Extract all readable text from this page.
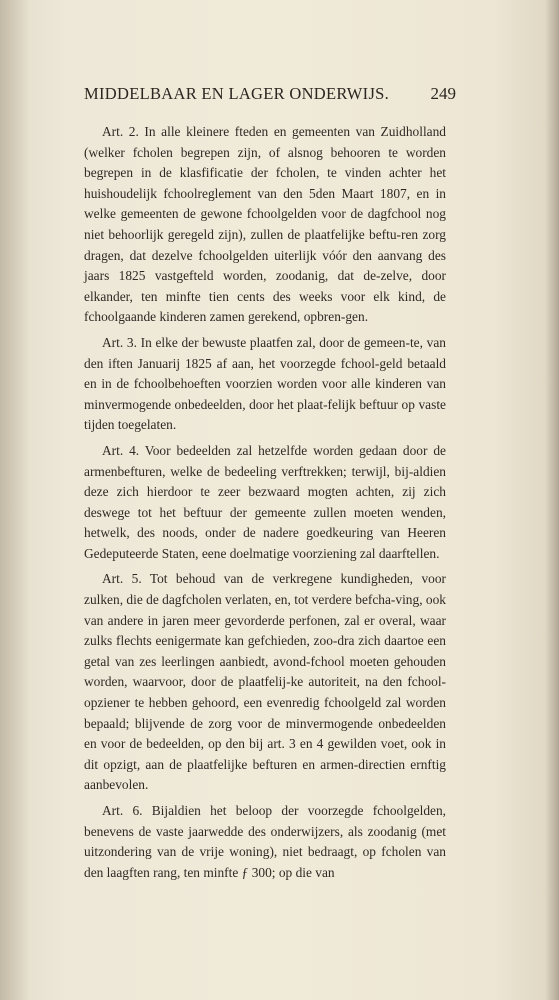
MIDDELBAAR EN LAGER ONDERWIJS. 249

Art. 2. In alle kleinere fteden en gemeenten van Zuidholland (welker fcholen begrepen zijn, of alsnog behooren te worden begrepen in de klasfificatie der fcholen, te vinden achter het huishoudelijk fchoolreglement van den 5den Maart 1807, en in welke gemeenten de gewone fchoolgelden voor de dagfchool nog niet behoorlijk geregeld zijn), zullen de plaatfelijke beftu-ren zorg dragen, dat dezelve fchoolgelden uiterlijk vóór den aanvang des jaars 1825 vastgefteld worden, zoodanig, dat de-zelve, door elkander, ten minfte tien cents des weeks voor elk kind, de fchoolgaande kinderen zamen gerekend, opbren-gen.

Art. 3. In elke der bewuste plaatfen zal, door de gemeen-te, van den iften Januarij 1825 af aan, het voorzegde fchool-geld betaald en in de fchoolbehoeften voorzien worden voor alle kinderen van minvermogende onbedeelden, door het plaat-felijk beftuur op vaste tijden toegelaten.

Art. 4. Voor bedeelden zal hetzelfde worden gedaan door de armenbefturen, welke de bedeeling verftrekken; terwijl, bij-aldien deze zich hierdoor te zeer bezwaard mogten achten, zij zich deswege tot het beftuur der gemeente zullen moeten wenden, hetwelk, des noods, onder de nadere goedkeuring van Heeren Gedeputeerde Staten, eene doelmatige voorziening zal daarftellen.

Art. 5. Tot behoud van de verkregene kundigheden, voor zulken, die de dagfcholen verlaten, en, tot verdere befcha-ving, ook van andere in jaren meer gevorderde perfonen, zal er overal, waar zulks flechts eenigermate kan gefchieden, zoo-dra zich daartoe een getal van zes leerlingen aanbiedt, avond-fchool moeten gehouden worden, waarvoor, door de plaatfelij-ke autoriteit, na den fchool-opziener te hebben gehoord, een evenredig fchoolgeld zal worden bepaald; blijvende de zorg voor de minvermogende onbedeelden en voor de bedeelden, op den bij art. 3 en 4 gewilden voet, ook in dit opzigt, aan de plaatfelijke befturen en armen-directien ernftig aanbevolen.

Art. 6. Bijaldien het beloop der voorzegde fchoolgelden, benevens de vaste jaarwedde des onderwijzers, als zoodanig (met uitzondering van de vrije woning), niet bedraagt, op fcholen van den laagften rang, ten minfte ƒ 300; op die van
